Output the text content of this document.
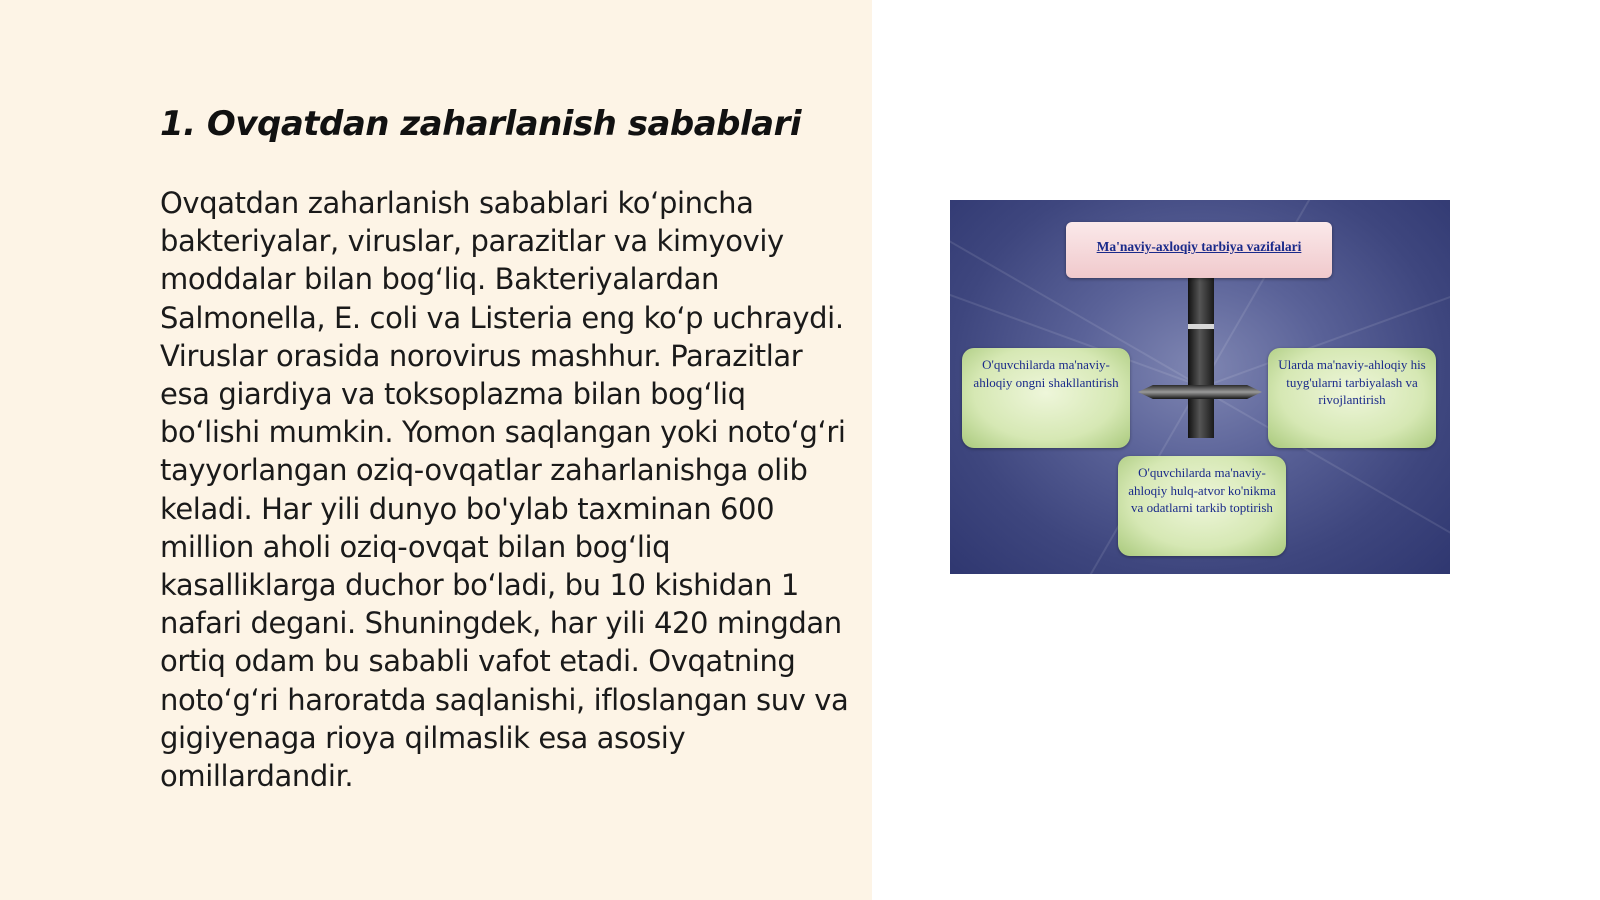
1. Ovqatdan zaharlanish sabablari

Ovqatdan zaharlanish sabablari koʻpincha bakteriyalar, viruslar, parazitlar va kimyoviy moddalar bilan bogʻliq. Bakteriyalardan Salmonella, E. coli va Listeria eng koʻp uchraydi. Viruslar orasida norovirus mashhur. Parazitlar esa giardiya va toksoplazma bilan bogʻliq boʻlishi mumkin. Yomon saqlangan yoki notoʻgʻri tayyorlangan oziq-ovqatlar zaharlanishga olib keladi. Har yili dunyo bo'ylab taxminan 600 million aholi oziq-ovqat bilan bogʻliq kasalliklarga duchor boʻladi, bu 10 kishidan 1 nafari degani. Shuningdek, har yili 420 mingdan ortiq odam bu sababli vafot etadi. Ovqatning notoʻgʻri haroratda saqlanishi, ifloslangan suv va gigiyenaga rioya qilmaslik esa asosiy omillardandir.

Ma'naviy-axloqiy tarbiya vazifalari
O'quvchilarda ma'naviy-ahloqiy ongni shakllantirish
Ularda ma'naviy-ahloqiy his tuyg'ularni tarbiyalash va rivojlantirish
O'quvchilarda ma'naviy-ahloqiy hulq-atvor ko'nikma va odatlarni tarkib toptirish
